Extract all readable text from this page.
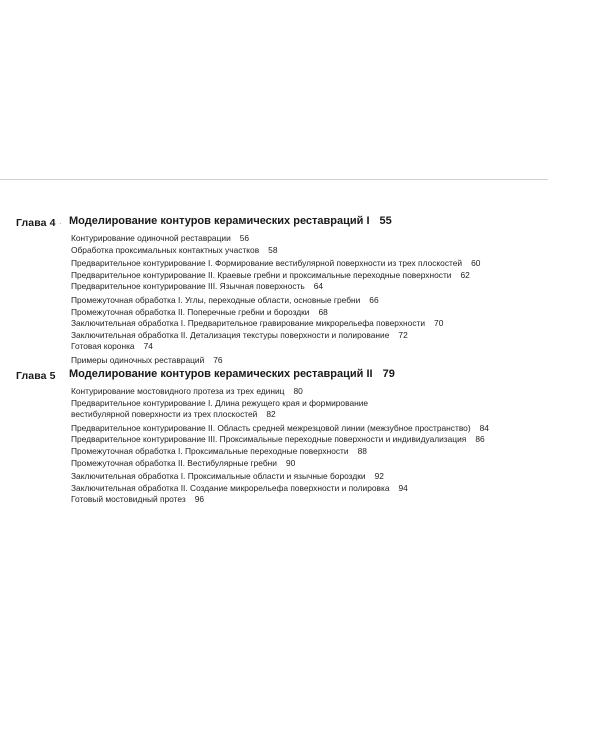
Глава 4 · Моделирование контуров керамических реставраций I 55
Контурирование одиночной реставрации 56
Обработка проксимальных контактных участков 58
Предварительное контурирование I. Формирование вестибулярной поверхности из трех плоскостей 60
Предварительное контурирование II. Краевые гребни и проксимальные переходные поверхности 62
Предварительное контурирование III. Язычная поверхность 64
Промежуточная обработка I. Углы, переходные области, основные гребни 66
Промежуточная обработка II. Поперечные гребни и бороздки 68
Заключительная обработка I. Предварительное гравирование микрорельефа поверхности 70
Заключительная обработка II. Детализация текстуры поверхности и полирование 72
Готовая коронка 74
Примеры одиночных реставраций 76
Глава 5 Моделирование контуров керамических реставраций II 79
Контурирование мостовидного протеза из трех единиц 80
Предварительное контурирование I. Длина режущего края и формирование
вестибулярной поверхности из трех плоскостей 82
Предварительное контурирование II. Область средней межрезцовой линии (межзубное пространство) 84
Предварительное контурирование III. Проксимальные переходные поверхности и индивидуализация 86
Промежуточная обработка I. Проксимальные переходные поверхности 88
Промежуточная обработка II. Вестибулярные гребни 90
Заключительная обработка I. Проксимальные области и язычные бороздки 92
Заключительная обработка II. Создание микрорельефа поверхности и полировка 94
Готовый мостовидный протез 96
